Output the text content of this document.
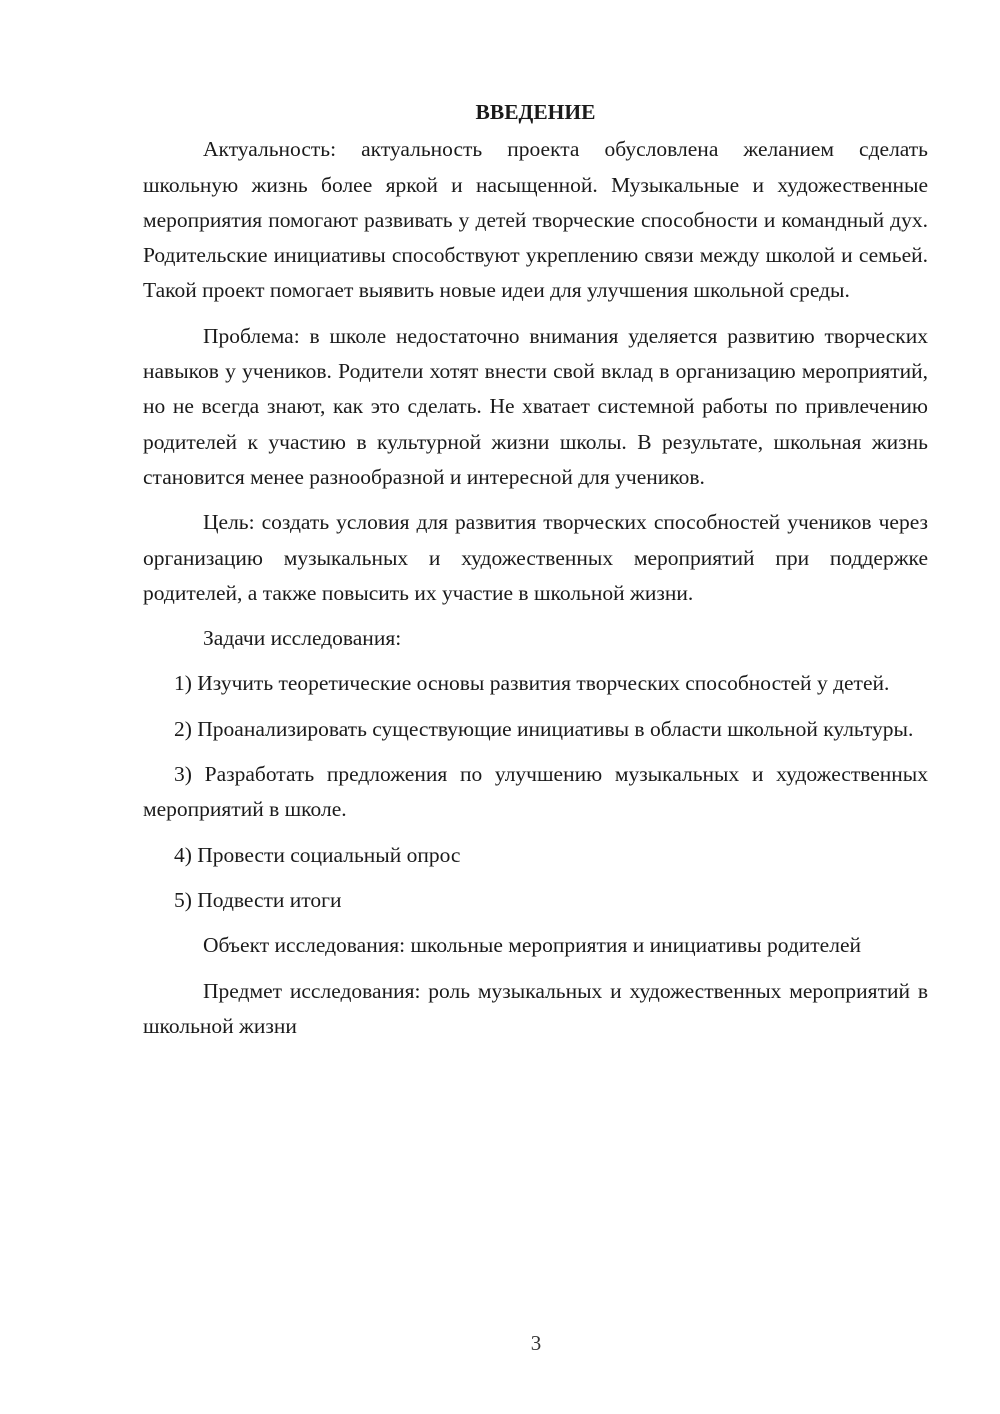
ВВЕДЕНИЕ

Актуальность: актуальность проекта обусловлена желанием сделать школьную жизнь более яркой и насыщенной. Музыкальные и художественные мероприятия помогают развивать у детей творческие способности и командный дух. Родительские инициативы способствуют укреплению связи между школой и семьей. Такой проект помогает выявить новые идеи для улучшения школьной среды.

Проблема: в школе недостаточно внимания уделяется развитию творческих навыков у учеников. Родители хотят внести свой вклад в организацию мероприятий, но не всегда знают, как это сделать. Не хватает системной работы по привлечению родителей к участию в культурной жизни школы. В результате, школьная жизнь становится менее разнообразной и интересной для учеников.

Цель: создать условия для развития творческих способностей учеников через организацию музыкальных и художественных мероприятий при поддержке родителей, а также повысить их участие в школьной жизни.

Задачи исследования:

1) Изучить теоретические основы развития творческих способностей у детей.

2) Проанализировать существующие инициативы в области школьной культуры.

3) Разработать предложения по улучшению музыкальных и художественных мероприятий в школе.

4) Провести социальный опрос

5) Подвести итоги

Объект исследования: школьные мероприятия и инициативы родителей

Предмет исследования: роль музыкальных и художественных мероприятий в школьной жизни

3
